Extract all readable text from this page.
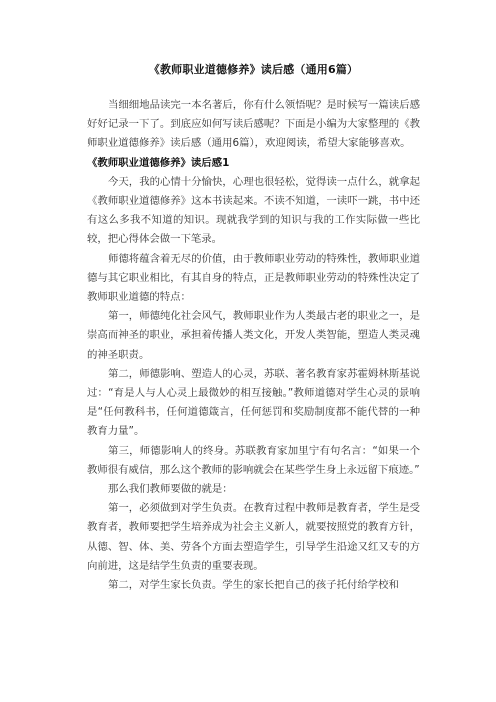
《教师职业道德修养》读后感（通用6篇）

当细细地品读完一本名著后，你有什么领悟呢？是时候写一篇读后感好好记录一下了。到底应如何写读后感呢？下面是小编为大家整理的《教师职业道德修养》读后感（通用6篇），欢迎阅读，希望大家能够喜欢。

《教师职业道德修养》读后感1

今天，我的心情十分愉快，心理也很轻松，觉得读一点什么，就拿起《教师职业道德修养》这本书读起来。不读不知道，一读吓一跳，书中还有这么多我不知道的知识。现就我学到的知识与我的工作实际做一些比较，把心得体会做一下笔录。

师德将蕴含着无尽的价值，由于教师职业劳动的特殊性，教师职业道德与其它职业相比，有其自身的特点，正是教师职业劳动的特殊性决定了教师职业道德的特点：

第一，师德纯化社会风气，教师职业作为人类最古老的职业之一，是崇高而神圣的职业，承担着传播人类文化，开发人类智能，塑造人类灵魂的神圣职责。

第二，师德影响、塑造人的心灵，苏联、著名教育家苏霍姆林斯基说过：“育是人与人心灵上最微妙的相互接触。”教师道德对学生心灵的景响是“任何教科书，任何道德箴言，任何惩罚和奖励制度都不能代替的一种教育力量”。

第三，师德影响人的终身。苏联教育家加里宁有句名言：“如果一个教师很有威信，那么这个教师的影响就会在某些学生身上永远留下痕迹。”

那么我们教师要做的就是：

第一，必须做到对学生负责。在教育过程中教师是教育者，学生是受教育者，教师要把学生培养成为社会主义新人，就要按照党的教育方针，从德、智、体、美、劳各个方面去塑造学生，引导学生沿途又红又专的方向前进，这是结学生负责的重要表现。

第二，对学生家长负责。学生的家长把自己的孩子托付给学校和
